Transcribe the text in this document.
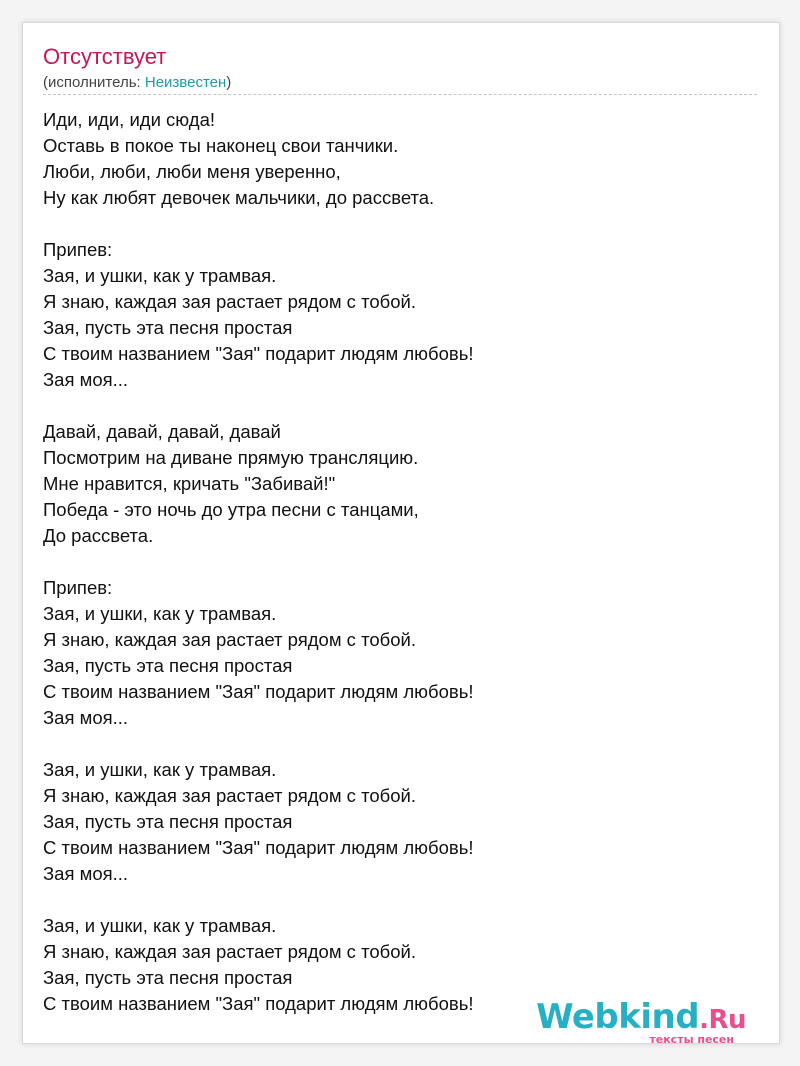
Отсутствует
(исполнитель: Неизвестен)
Иди, иди, иди сюда!
Оставь в покое ты наконец свои танчики.
Люби, люби, люби меня уверенно,
Ну как любят девочек мальчики, до рассвета.
Припев:
Зая, и ушки, как у трамвая.
Я знаю, каждая зая растает рядом с тобой.
Зая, пусть эта песня простая
С твоим названием "Зая" подарит людям любовь!
Зая моя...
Давай, давай, давай, давай
Посмотрим на диване прямую трансляцию.
Мне нравится, кричать "Забивай!"
Победа - это ночь до утра песни с танцами,
До рассвета.
Припев:
Зая, и ушки, как у трамвая.
Я знаю, каждая зая растает рядом с тобой.
Зая, пусть эта песня простая
С твоим названием "Зая" подарит людям любовь!
Зая моя...
Зая, и ушки, как у трамвая.
Я знаю, каждая зая растает рядом с тобой.
Зая, пусть эта песня простая
С твоим названием "Зая" подарит людям любовь!
Зая моя...
Зая, и ушки, как у трамвая.
Я знаю, каждая зая растает рядом с тобой.
Зая, пусть эта песня простая
С твоим названием "Зая" подарит людям любовь!	Webkind.Ru
тексты песен
